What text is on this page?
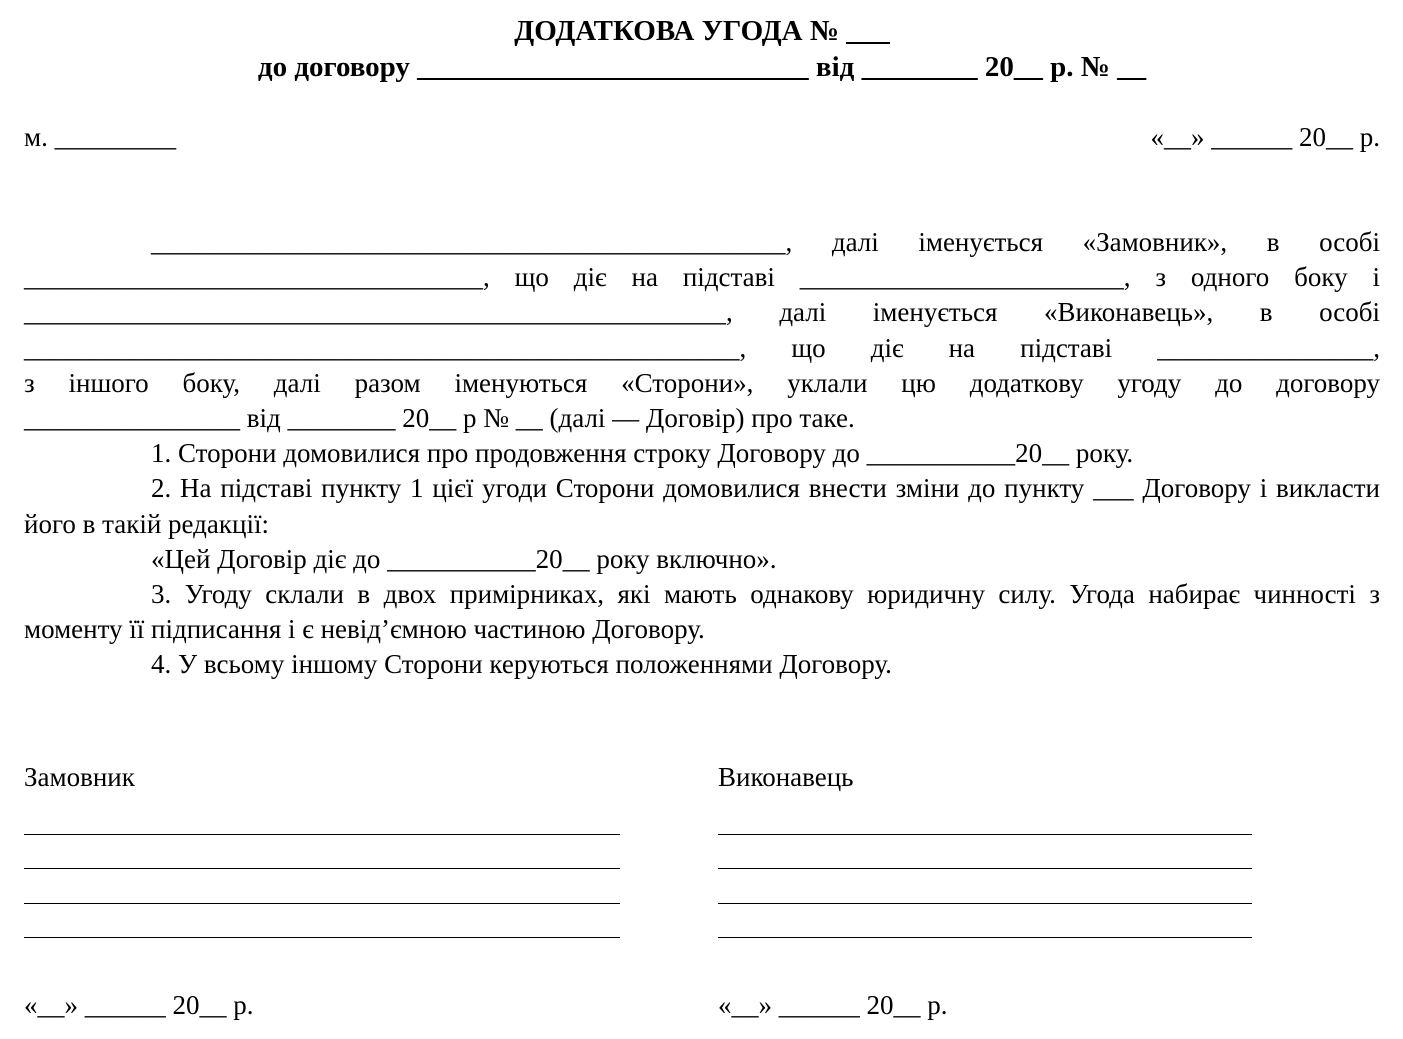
ДОДАТКОВА УГОДА № ___
до договору ___________________________ від ________ 20__ р. № __

м. _________

	«__» ______ 20__ р.

_______________________________________________, далі іменується «Замовник», в особі
__________________________________, що діє на підставі ________________________, з одного боку і
____________________________________________________, далі іменується «Виконавець», в особі
_____________________________________________________, що діє на підставі ________________,
з іншого боку, далі разом іменуються «Сторони», уклали цю додаткову угоду до договору
________________ від ________ 20__ р № __ (далі — Договір) про таке.

1. Сторони домовилися про продовження строку Договору до ___________20__ року.

2. На підставі пункту 1 цієї угоди Сторони домовилися внести зміни до пункту ___ Договору і викласти його в такій редакції:

«Цей Договір діє до ___________20__ року включно».

3. Угоду склали в двох примірниках, які мають однакову юридичну силу. Угода набирає чинності з моменту її підписання і є невід’ємною частиною Договору.

4. У всьому іншому Сторони керуються положеннями Договору.

Замовник
«__» ______ 20__ р.
Виконавець
«__» ______ 20__ р.
